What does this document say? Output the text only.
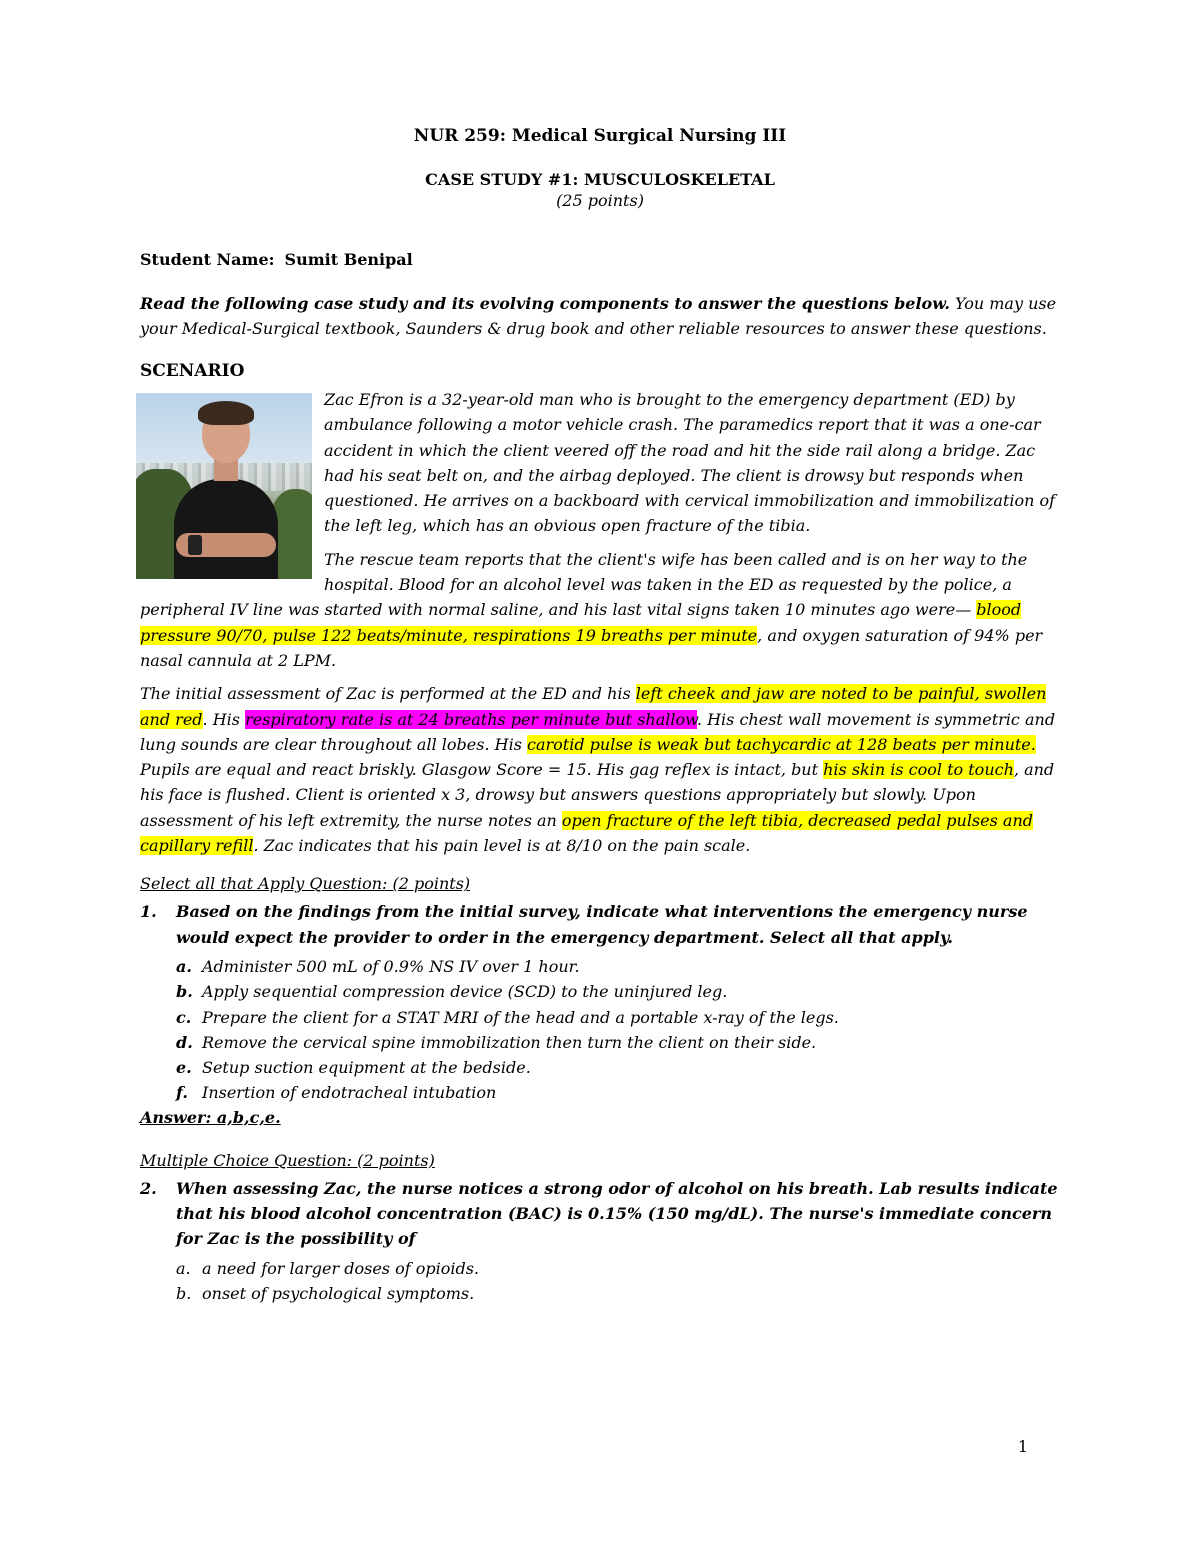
NUR 259: Medical Surgical Nursing III

CASE STUDY #1: MUSCULOSKELETAL

(25 points)

Student Name: Sumit Benipal

Read the following case study and its evolving components to answer the questions below. You may use your Medical-Surgical textbook, Saunders & drug book and other reliable resources to answer these questions.

SCENARIO

Zac Efron is a 32-year-old man who is brought to the emergency department (ED) by ambulance following a motor vehicle crash. The paramedics report that it was a one-car accident in which the client veered off the road and hit the side rail along a bridge. Zac had his seat belt on, and the airbag deployed. The client is drowsy but responds when questioned. He arrives on a backboard with cervical immobilization and immobilization of the left leg, which has an obvious open fracture of the tibia.

The rescue team reports that the client's wife has been called and is on her way to the hospital. Blood for an alcohol level was taken in the ED as requested by the police, a peripheral IV line was started with normal saline, and his last vital signs taken 10 minutes ago were— blood pressure 90/70, pulse 122 beats/minute, respirations 19 breaths per minute, and oxygen saturation of 94% per nasal cannula at 2 LPM.

The initial assessment of Zac is performed at the ED and his left cheek and jaw are noted to be painful, swollen and red. His respiratory rate is at 24 breaths per minute but shallow. His chest wall movement is symmetric and lung sounds are clear throughout all lobes. His carotid pulse is weak but tachycardic at 128 beats per minute. Pupils are equal and react briskly. Glasgow Score = 15. His gag reflex is intact, but his skin is cool to touch, and his face is flushed. Client is oriented x 3, drowsy but answers questions appropriately but slowly. Upon assessment of his left extremity, the nurse notes an open fracture of the left tibia, decreased pedal pulses and capillary refill. Zac indicates that his pain level is at 8/10 on the pain scale.

Select all that Apply Question: (2 points)

1.	Based on the findings from the initial survey, indicate what interventions the emergency nurse would expect the provider to order in the emergency department. Select all that apply.
a. Administer 500 mL of 0.9% NS IV over 1 hour.
b. Apply sequential compression device (SCD) to the uninjured leg.
c. Prepare the client for a STAT MRI of the head and a portable x-ray of the legs.
d. Remove the cervical spine immobilization then turn the client on their side.
e. Setup suction equipment at the bedside.
f. Insertion of endotracheal intubation

Answer: a,b,c,e.

Multiple Choice Question: (2 points)

2.	When assessing Zac, the nurse notices a strong odor of alcohol on his breath. Lab results indicate that his blood alcohol concentration (BAC) is 0.15% (150 mg/dL). The nurse's immediate concern for Zac is the possibility of
a. a need for larger doses of opioids.
b. onset of psychological symptoms.
1
